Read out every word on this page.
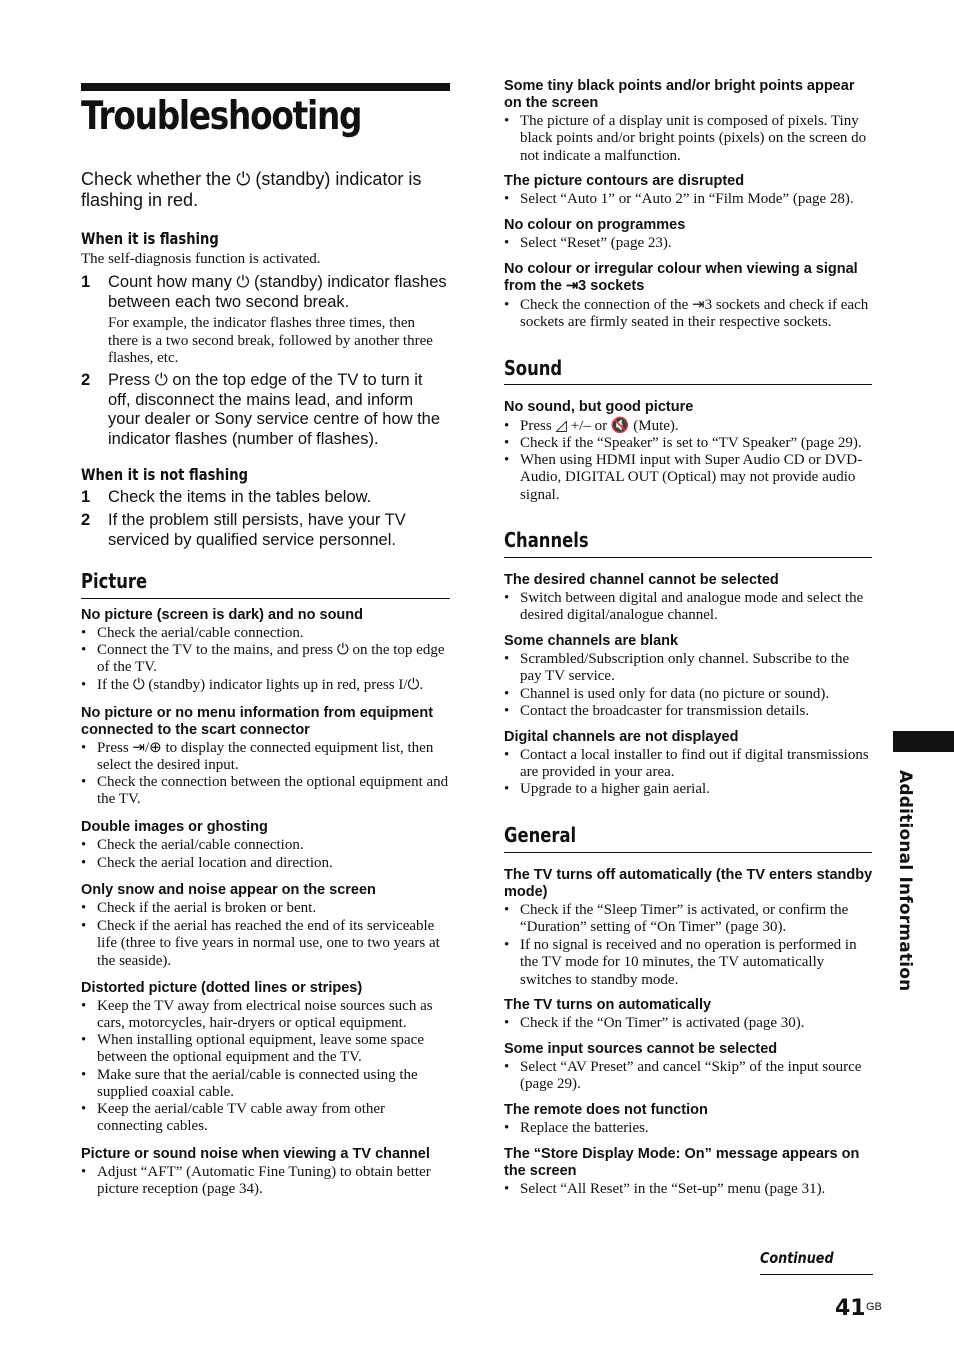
Troubleshooting
Check whether the ⏻ (standby) indicator is flashing in red.
When it is flashing
The self-diagnosis function is activated.
1 Count how many ⏻ (standby) indicator flashes between each two second break.
For example, the indicator flashes three times, then there is a two second break, followed by another three flashes, etc.
2 Press ⏻ on the top edge of the TV to turn it off, disconnect the mains lead, and inform your dealer or Sony service centre of how the indicator flashes (number of flashes).
When it is not flashing
1 Check the items in the tables below.
2 If the problem still persists, have your TV serviced by qualified service personnel.
Picture
No picture (screen is dark) and no sound
• Check the aerial/cable connection.
• Connect the TV to the mains, and press ⏻ on the top edge of the TV.
• If the ⏻ (standby) indicator lights up in red, press I/⏻.
No picture or no menu information from equipment connected to the scart connector
• Press ⇥/⊕ to display the connected equipment list, then select the desired input.
• Check the connection between the optional equipment and the TV.
Double images or ghosting
• Check the aerial/cable connection.
• Check the aerial location and direction.
Only snow and noise appear on the screen
• Check if the aerial is broken or bent.
• Check if the aerial has reached the end of its serviceable life (three to five years in normal use, one to two years at the seaside).
Distorted picture (dotted lines or stripes)
• Keep the TV away from electrical noise sources such as cars, motorcycles, hair-dryers or optical equipment.
• When installing optional equipment, leave some space between the optional equipment and the TV.
• Make sure that the aerial/cable is connected using the supplied coaxial cable.
• Keep the aerial/cable TV cable away from other connecting cables.
Picture or sound noise when viewing a TV channel
• Adjust “AFT” (Automatic Fine Tuning) to obtain better picture reception (page 34).
Some tiny black points and/or bright points appear on the screen
• The picture of a display unit is composed of pixels. Tiny black points and/or bright points (pixels) on the screen do not indicate a malfunction.
The picture contours are disrupted
• Select “Auto 1” or “Auto 2” in “Film Mode” (page 28).
No colour on programmes
• Select “Reset” (page 23).
No colour or irregular colour when viewing a signal from the ⇥3 sockets
• Check the connection of the ⇥3 sockets and check if each sockets are firmly seated in their respective sockets.
Sound
No sound, but good picture
• Press ◿ +/– or 🔇 (Mute).
• Check if the “Speaker” is set to “TV Speaker” (page 29).
• When using HDMI input with Super Audio CD or DVD-Audio, DIGITAL OUT (Optical) may not provide audio signal.
Channels
The desired channel cannot be selected
• Switch between digital and analogue mode and select the desired digital/analogue channel.
Some channels are blank
• Scrambled/Subscription only channel. Subscribe to the pay TV service.
• Channel is used only for data (no picture or sound).
• Contact the broadcaster for transmission details.
Digital channels are not displayed
• Contact a local installer to find out if digital transmissions are provided in your area.
• Upgrade to a higher gain aerial.
General
The TV turns off automatically (the TV enters standby mode)
• Check if the “Sleep Timer” is activated, or confirm the “Duration” setting of “On Timer” (page 30).
• If no signal is received and no operation is performed in the TV mode for 10 minutes, the TV automatically switches to standby mode.
The TV turns on automatically
• Check if the “On Timer” is activated (page 30).
Some input sources cannot be selected
• Select “AV Preset” and cancel “Skip” of the input source (page 29).
The remote does not function
• Replace the batteries.
The “Store Display Mode: On” message appears on the screen
• Select “All Reset” in the “Set-up” menu (page 31).
Additional Information
Continued
41 GB
